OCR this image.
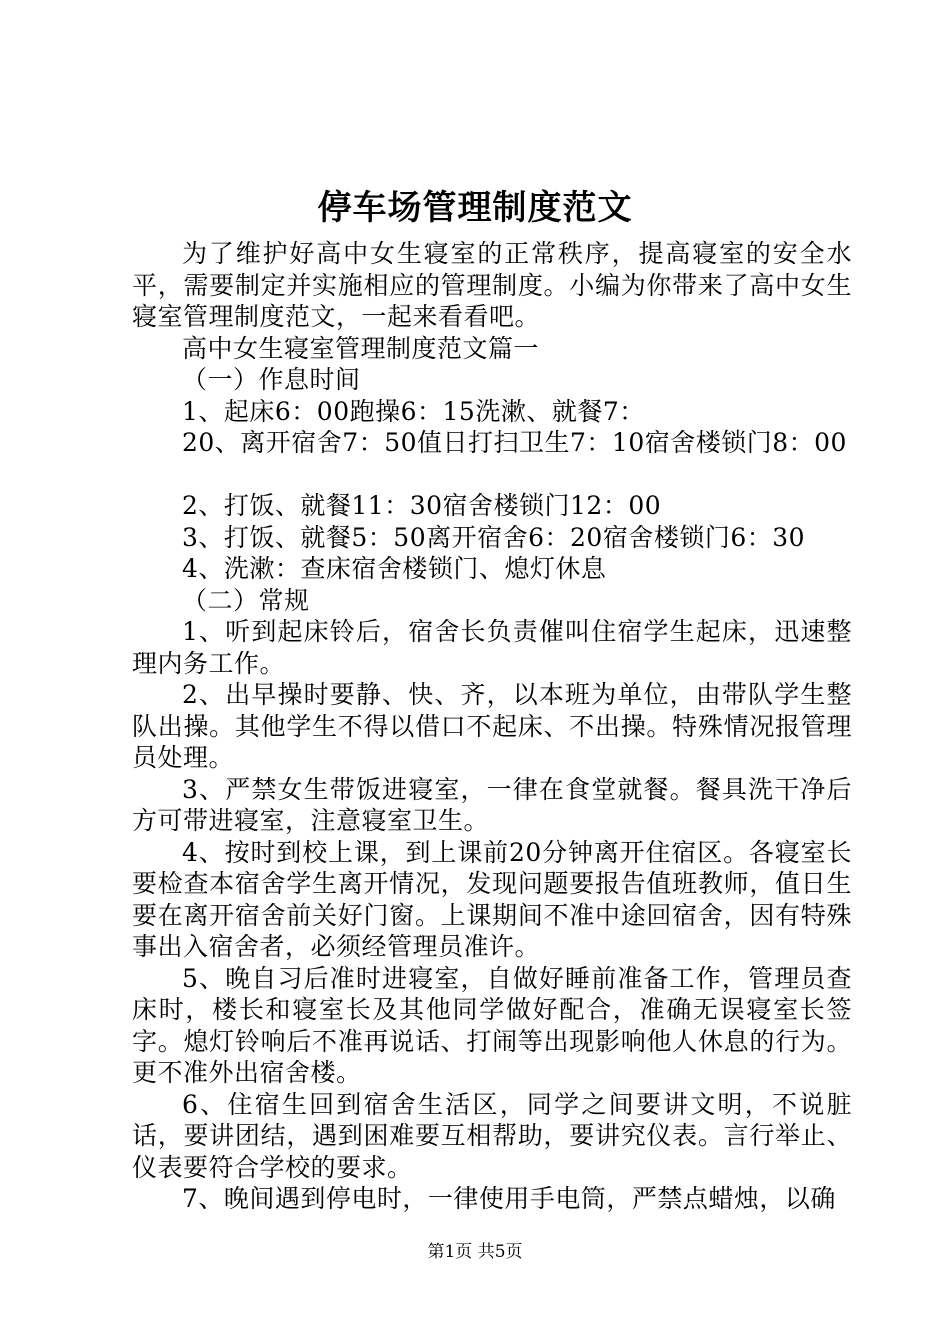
停车场管理制度范文

为了维护好高中女生寝室的正常秩序，提高寝室的安全水平，需要制定并实施相应的管理制度。小编为你带来了高中女生寝室管理制度范文，一起来看看吧。

高中女生寝室管理制度范文篇一

（一）作息时间

1、起床6：00跑操6：15洗漱、就餐7：

20、离开宿舍7：50值日打扫卫生7：10宿舍楼锁门8：00

2、打饭、就餐11：30宿舍楼锁门12：00

3、打饭、就餐5：50离开宿舍6：20宿舍楼锁门6：30

4、洗漱：查床宿舍楼锁门、熄灯休息

（二）常规

1、听到起床铃后，宿舍长负责催叫住宿学生起床，迅速整理内务工作。

2、出早操时要静、快、齐，以本班为单位，由带队学生整队出操。其他学生不得以借口不起床、不出操。特殊情况报管理员处理。

3、严禁女生带饭进寝室，一律在食堂就餐。餐具洗干净后方可带进寝室，注意寝室卫生。

4、按时到校上课，到上课前20分钟离开住宿区。各寝室长要检查本宿舍学生离开情况，发现问题要报告值班教师，值日生要在离开宿舍前关好门窗。上课期间不准中途回宿舍，因有特殊事出入宿舍者，必须经管理员准许。

5、晚自习后准时进寝室，自做好睡前准备工作，管理员查床时，楼长和寝室长及其他同学做好配合，准确无误寝室长签字。熄灯铃响后不准再说话、打闹等出现影响他人休息的行为。更不准外出宿舍楼。

6、住宿生回到宿舍生活区，同学之间要讲文明，不说脏话，要讲团结，遇到困难要互相帮助，要讲究仪表。言行举止、仪表要符合学校的要求。

7、晚间遇到停电时，一律使用手电筒，严禁点蜡烛，以确

第1页 共5页
